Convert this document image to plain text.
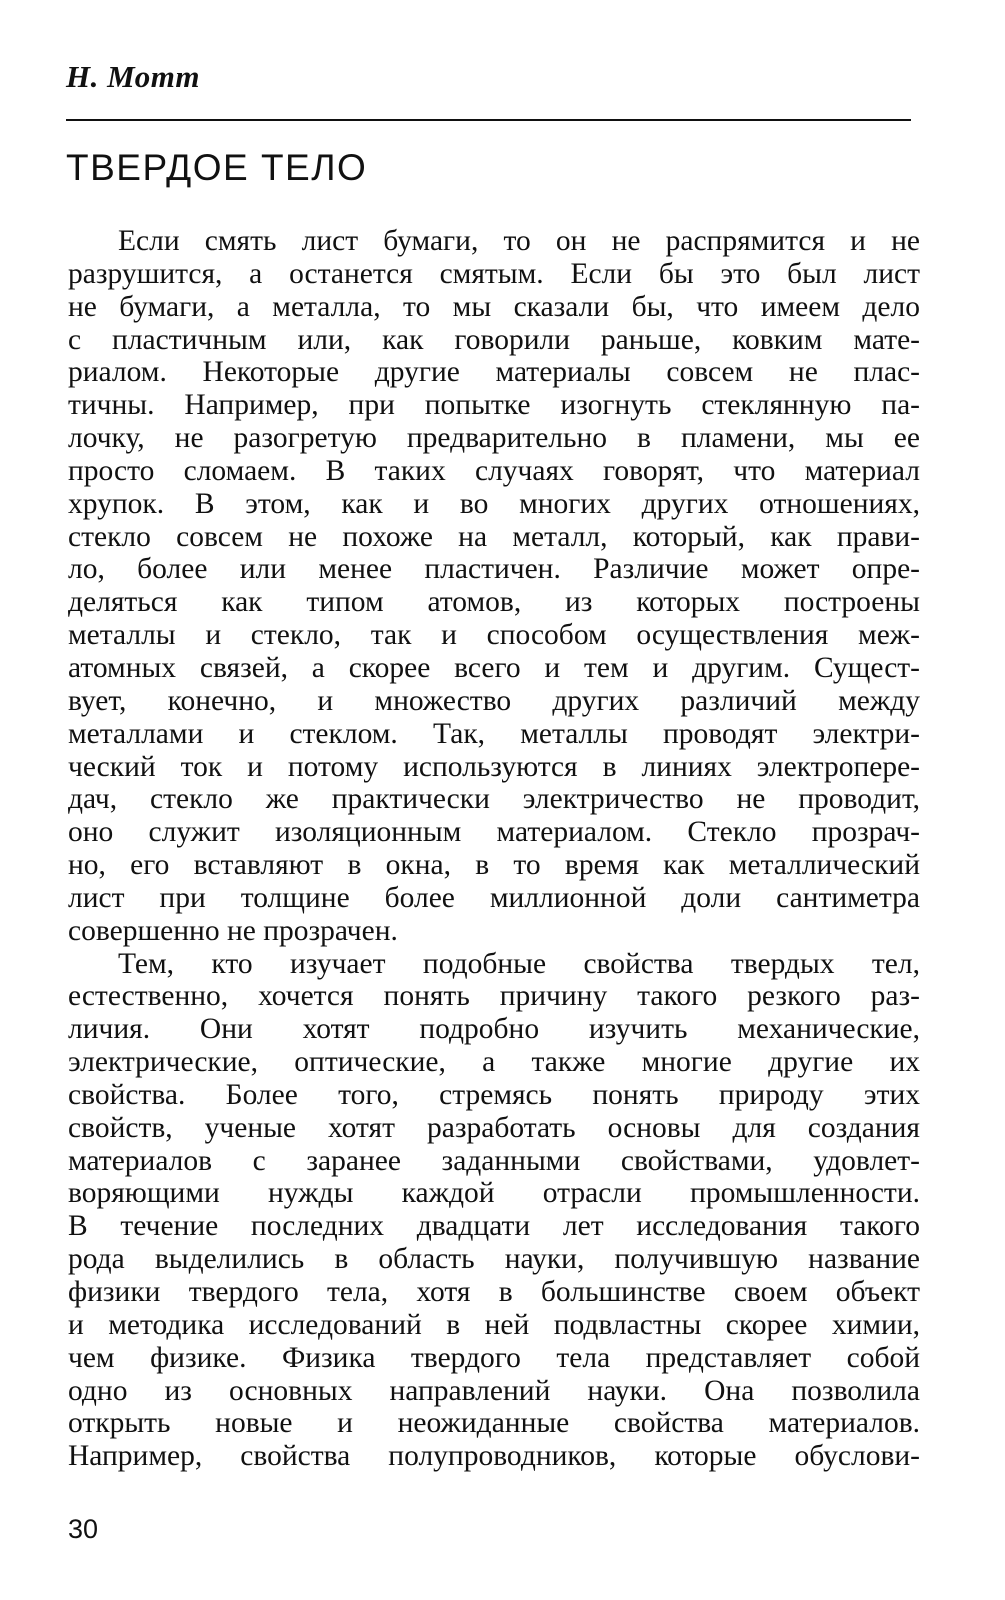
Н. Мотт
ТВЕРДОЕ ТЕЛО
Если смять лист бумаги, то он не распрямится и не
разрушится, а останется смятым. Если бы это был лист
не бумаги, а металла, то мы сказали бы, что имеем дело
с пластичным или, как говорили раньше, ковким мате-
риалом. Некоторые другие материалы совсем не плас-
тичны. Например, при попытке изогнуть стеклянную па-
лочку, не разогретую предварительно в пламени, мы ее
просто сломаем. В таких случаях говорят, что материал
хрупок. В этом, как и во многих других отношениях,
стекло совсем не похоже на металл, который, как прави-
ло, более или менее пластичен. Различие может опре-
деляться как типом атомов, из которых построены
металлы и стекло, так и способом осуществления меж-
атомных связей, а скорее всего и тем и другим. Сущест-
вует, конечно, и множество других различий между
металлами и стеклом. Так, металлы проводят электри-
ческий ток и потому используются в линиях электропере-
дач, стекло же практически электричество не проводит,
оно служит изоляционным материалом. Стекло прозрач-
но, его вставляют в окна, в то время как металлический
лист при толщине более миллионной доли сантиметра
совершенно не прозрачен.
Тем, кто изучает подобные свойства твердых тел,
естественно, хочется понять причину такого резкого раз-
личия. Они хотят подробно изучить механические,
электрические, оптические, а также многие другие их
свойства. Более того, стремясь понять природу этих
свойств, ученые хотят разработать основы для создания
материалов с заранее заданными свойствами, удовлет-
воряющими нужды каждой отрасли промышленности.
В течение последних двадцати лет исследования такого
рода выделились в область науки, получившую название
физики твердого тела, хотя в большинстве своем объект
и методика исследований в ней подвластны скорее химии,
чем физике. Физика твердого тела представляет собой
одно из основных направлений науки. Она позволила
открыть новые и неожиданные свойства материалов.
Например, свойства полупроводников, которые обуслови-
30
